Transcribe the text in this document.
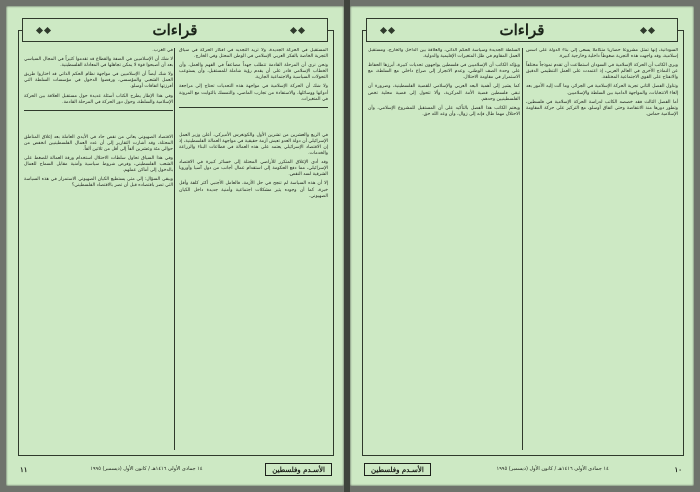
قراءات

المستقبل في الحركة الجديدة، ولا تريد التجديد في أفكار الحركة في سياق التجربة الخاصة بالفكر العربي الإسلامي في الوطن المحتل وفي الخارج.

ونحن نرى أن المرحلة القادمة تتطلب جهداً مضاعفاً في الفهم والعمل، وأن الخطاب الإسلامي قادر على أن يقدم رؤية شاملة للمستقبل، وأن يستوعب التحولات السياسية والاجتماعية الجارية.

ولا شك أن الحركة الإسلامية في مواجهة هذه التحديات تحتاج إلى مراجعة أدواتها ووسائلها، والاستفادة من تجارب الماضي، والتمسك بالثوابت مع المرونة في المتغيرات.

في الربع والعشرين من تشرين الأول والكونغرس الأميركي، أعلن وزير العمل الإسرائيلي أن دولة العدو تعيش أزمة حقيقية في مواجهة العمالة الفلسطينية، إذ إن الاقتصاد الإسرائيلي يعتمد على هذه العمالة في قطاعات البناء والزراعة والخدمات.

وقد أدى الإغلاق المتكرر للأراضي المحتلة إلى خسائر كبيرة في الاقتصاد الإسرائيلي، مما دفع الحكومة إلى استقدام عمال أجانب من دول آسيا وأوروبا الشرقية لسد النقص.

إلا أن هذه السياسة لم تنجح في حل الأزمة، فالعامل الأجنبي أكثر كلفة وأقل خبرة، كما أن وجوده يثير مشكلات اجتماعية وأمنية جديدة داخل الكيان الصهيوني.

في الغرب.

لا شك أن الإسلاميين في الضفة والقطاع قد تقدموا كثيراً في المجال السياسي بعد أن أصبحوا قوة لا يمكن تجاهلها في المعادلة الفلسطينية.

ولا شك أيضاً أن الإسلاميين في مواجهة نظام الحكم الذاتي قد اختاروا طريق العمل الشعبي والمؤسسي، ورفضوا الدخول في مؤسسات السلطة التي أفرزتها اتفاقات أوسلو.

وفي هذا الإطار يطرح الكتاب أسئلة عديدة حول مستقبل العلاقة بين الحركة الإسلامية والسلطة، وحول دور الحركة في المرحلة القادمة.

الاقتصاد الصهيوني يعاني من نقص حاد في الأيدي العاملة بعد إغلاق المناطق المحتلة، وقد أشارت التقارير إلى أن عدد العمال الفلسطينيين انخفض من حوالي مئة وعشرين ألفاً إلى أقل من ثلاثين ألفاً.

وفي هذا السياق تحاول سلطات الاحتلال استخدام ورقة العمالة للضغط على الشعب الفلسطيني، وفرض شروط سياسية وأمنية مقابل السماح للعمال بالدخول إلى أماكن عملهم.

ويبقى السؤال: إلى متى يستطيع الكيان الصهيوني الاستمرار في هذه السياسة التي تضر باقتصاده قبل أن تضر بالاقتصاد الفلسطيني؟

١١	١٤ جمادى الأولى ١٤١٦هـ / كانون الأول (ديسمبر) ١٩٩٥	الأسـدم وفلسطين
قراءات

السودانية، إنها تمثل مشروعاً حضارياً متكاملاً يسعى إلى بناء الدولة على أسس إسلامية، وقد واجهت هذه التجربة ضغوطاً داخلية وخارجية كبيرة.

ويرى الكاتب أن الحركة الإسلامية في السودان استطاعت أن تقدم نموذجاً مختلفاً عن النماذج الأخرى في العالم العربي، إذ اعتمدت على العمل التنظيمي الدقيق والانفتاح على القوى الاجتماعية المختلفة.

وتناول الفصل الثاني تجربة الحركة الإسلامية في الجزائر، وما آلت إليه الأمور بعد إلغاء الانتخابات، والمواجهة الدامية بين السلطة والإسلاميين.

أما الفصل الثالث فقد خصصه الكاتب لدراسة الحركة الإسلامية في فلسطين، وتطور دورها منذ الانتفاضة وحتى اتفاق أوسلو، مع التركيز على حركة المقاومة الإسلامية حماس.

السلطة الجديدة وسياسة الحكم الذاتي، والعلاقة بين الداخل والخارج، ومستقبل العمل المقاوم في ظل المتغيرات الإقليمية والدولية.

ويؤكد الكاتب أن الإسلاميين في فلسطين يواجهون تحديات كبيرة، أبرزها الحفاظ على وحدة الصف الوطني، وعدم الانجرار إلى صراع داخلي مع السلطة، مع الاستمرار في مقاومة الاحتلال.

كما يشير إلى أهمية البعد العربي والإسلامي للقضية الفلسطينية، وضرورة أن تبقى فلسطين قضية الأمة المركزية، وألا تتحول إلى قضية محلية تخص الفلسطينيين وحدهم.

ويختم الكاتب هذا الفصل بالتأكيد على أن المستقبل للمشروع الإسلامي، وأن الاحتلال مهما طال فإنه إلى زوال، وأن وعد الله حق.

الأسـدم وفلسطين	١٤ جمادى الأولى ١٤١٦هـ / كانون الأول (ديسمبر) ١٩٩٥	١٠
